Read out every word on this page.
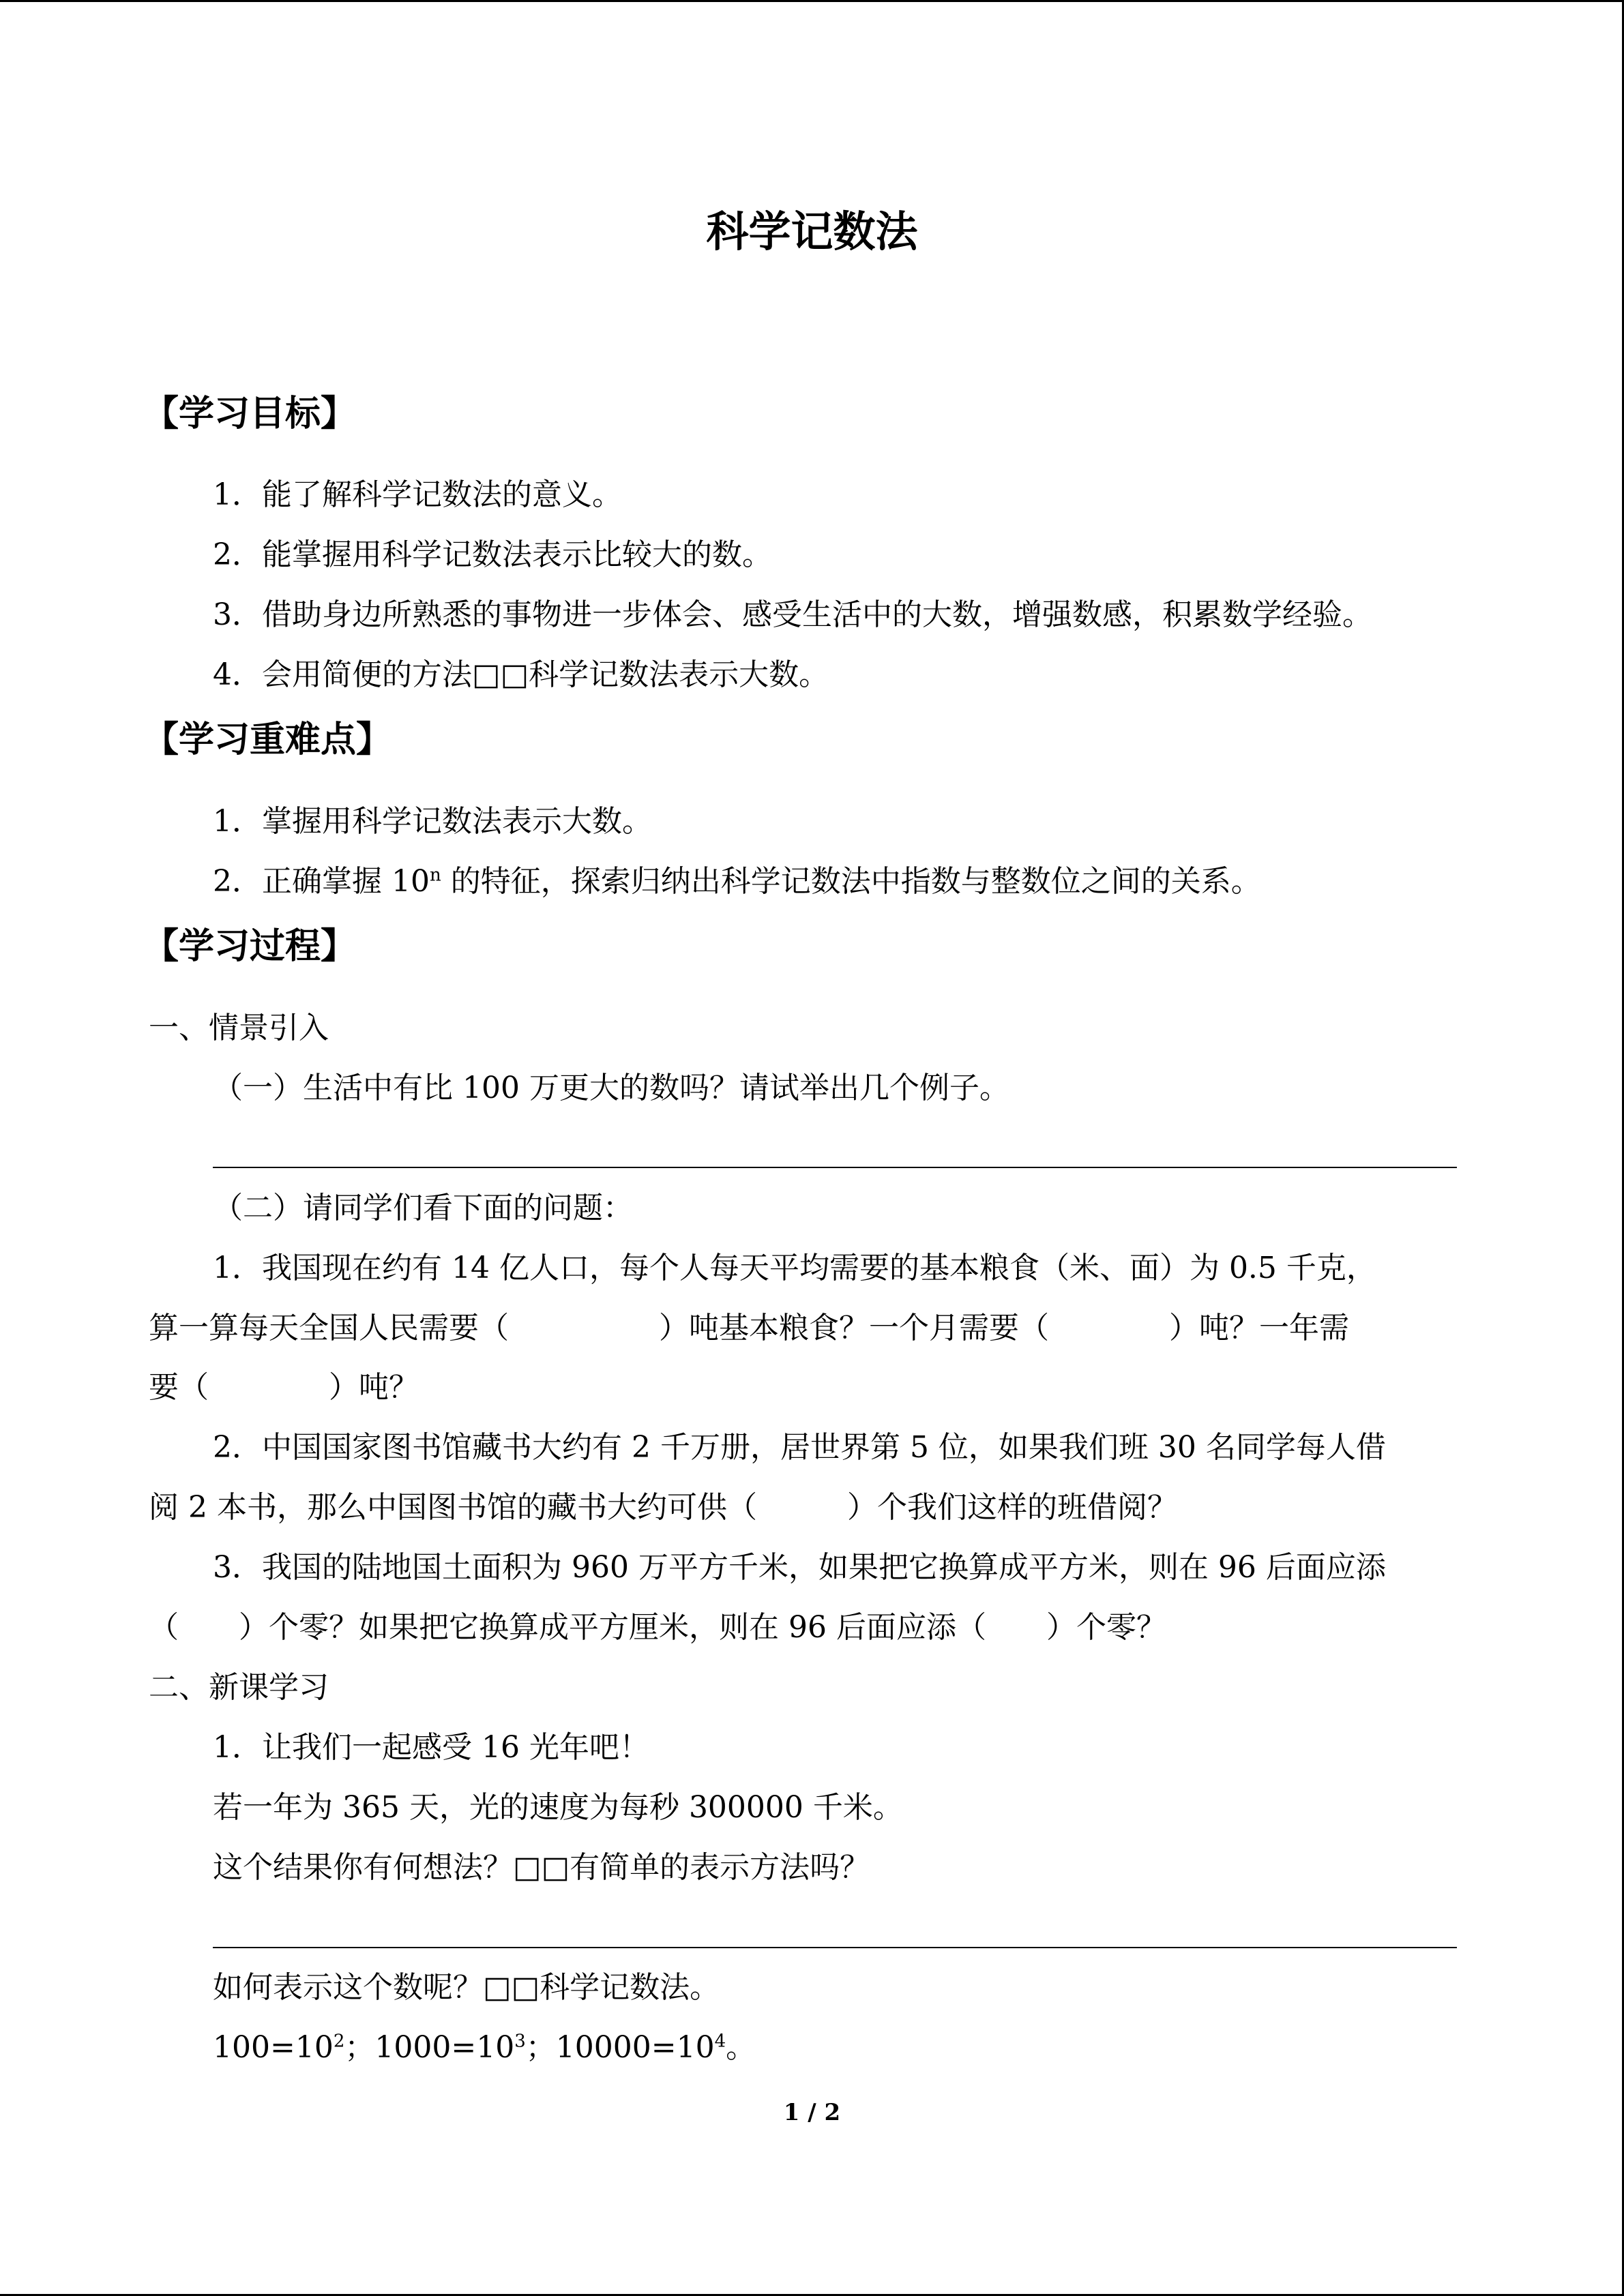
科学记数法
【学习目标】
1．能了解科学记数法的意义。
2．能掌握用科学记数法表示比较大的数。
3．借助身边所熟悉的事物进一步体会、感受生活中的大数，增强数感，积累数学经验。
4．会用简便的方法□□科学记数法表示大数。
【学习重难点】
1．掌握用科学记数法表示大数。
2．正确掌握 10$^n$ 的特征，探索归纳出科学记数法中指数与整数位之间的关系。
【学习过程】
一、情景引入
（一）生活中有比 100 万更大的数吗？请试举出几个例子。
（二）请同学们看下面的问题：
1．我国现在约有 14 亿人口，每个人每天平均需要的基本粮食（米、面）为 0.5 千克，
算一算每天全国人民需要（　　　　　）吨基本粮食？一个月需要（　　　　）吨？一年需
要（　　　　）吨？
2．中国国家图书馆藏书大约有 2 千万册，居世界第 5 位，如果我们班 30 名同学每人借
阅 2 本书，那么中国图书馆的藏书大约可供（　　　）个我们这样的班借阅？
3．我国的陆地国土面积为 960 万平方千米，如果把它换算成平方米，则在 96 后面应添
（　　）个零？如果把它换算成平方厘米，则在 96 后面应添（　　）个零？
二、新课学习
1．让我们一起感受 16 光年吧！
若一年为 365 天，光的速度为每秒 300000 千米。
这个结果你有何想法？□□有简单的表示方法吗？
如何表示这个数呢？□□科学记数法。
$100=10^2$；$1000=10^3$；$10000=10^4$。
1 / 2
